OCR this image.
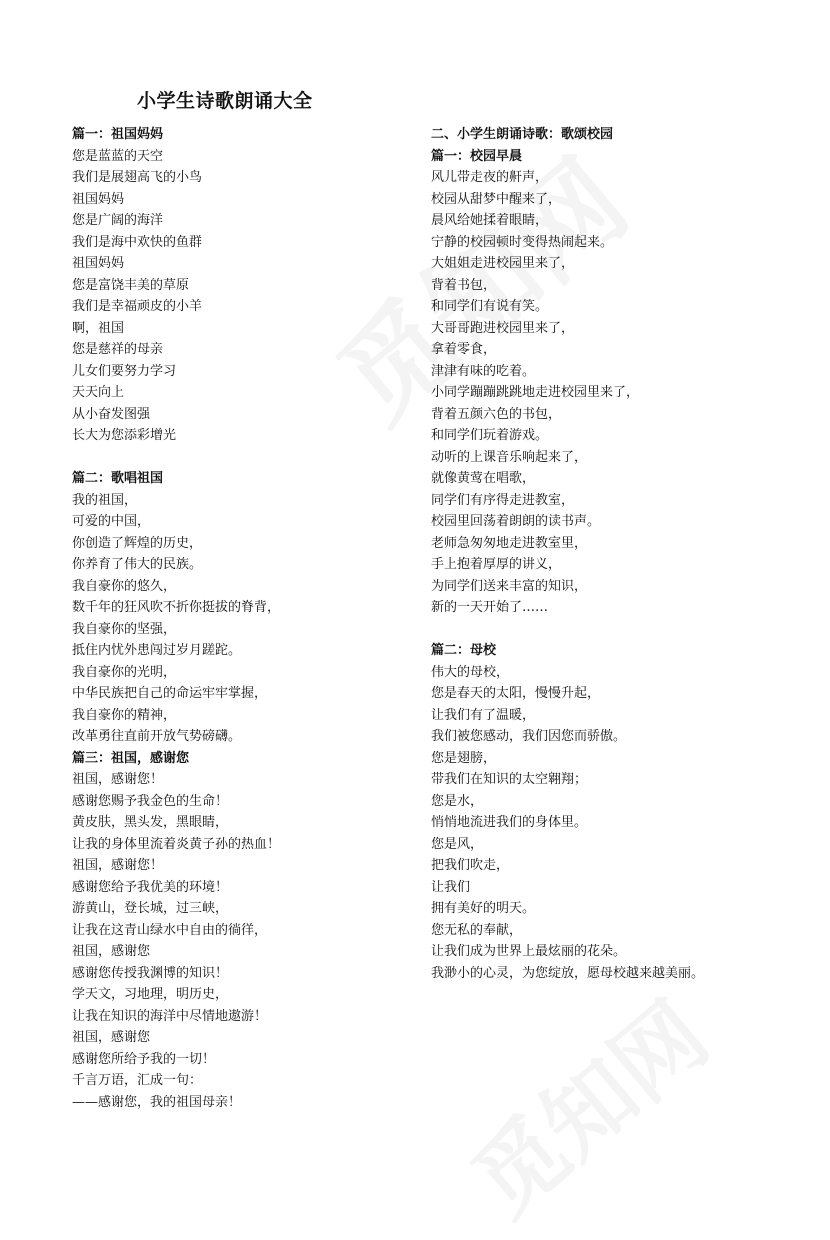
小学生诗歌朗诵大全
篇一：祖国妈妈
您是蓝蓝的天空
我们是展翅高飞的小鸟
祖国妈妈
您是广阔的海洋
我们是海中欢快的鱼群
祖国妈妈
您是富饶丰美的草原
我们是幸福顽皮的小羊
啊，祖国
您是慈祥的母亲
儿女们要努力学习
天天向上
从小奋发图强
长大为您添彩增光
篇二：歌唱祖国
我的祖国，
可爱的中国，
你创造了辉煌的历史，
你养育了伟大的民族。
我自豪你的悠久，
数千年的狂风吹不折你挺拔的脊背，
我自豪你的坚强，
抵住内忧外患闯过岁月蹉跎。
我自豪你的光明，
中华民族把自己的命运牢牢掌握，
我自豪你的精神，
改革勇往直前开放气势磅礴。
篇三：祖国，感谢您
祖国，感谢您！
感谢您赐予我金色的生命！
黄皮肤，黑头发，黑眼睛，
让我的身体里流着炎黄子孙的热血！
祖国，感谢您！
感谢您给予我优美的环境！
游黄山，登长城，过三峡，
让我在这青山绿水中自由的徜徉，
祖国，感谢您
感谢您传授我渊博的知识！
学天文，习地理，明历史，
让我在知识的海洋中尽情地遨游！
祖国，感谢您
感谢您所给予我的一切！
千言万语，汇成一句：
——感谢您，我的祖国母亲！
二、小学生朗诵诗歌：歌颂校园
篇一：校园早晨
风儿带走夜的鼾声，
校园从甜梦中醒来了，
晨风给她揉着眼睛，
宁静的校园顿时变得热闹起来。
大姐姐走进校园里来了，
背着书包，
和同学们有说有笑。
大哥哥跑进校园里来了，
拿着零食，
津津有味的吃着。
小同学蹦蹦跳跳地走进校园里来了，
背着五颜六色的书包，
和同学们玩着游戏。
动听的上课音乐响起来了，
就像黄莺在唱歌，
同学们有序得走进教室，
校园里回荡着朗朗的读书声。
老师急匆匆地走进教室里，
手上抱着厚厚的讲义，
为同学们送来丰富的知识，
新的一天开始了……
篇二：母校
伟大的母校，
您是春天的太阳，慢慢升起，
让我们有了温暖，
我们被您感动，我们因您而骄傲。
您是翅膀，
带我们在知识的太空翱翔；
您是水，
悄悄地流进我们的身体里。
您是风，
把我们吹走，
让我们
拥有美好的明天。
您无私的奉献，
让我们成为世界上最炫丽的花朵。
我渺小的心灵，为您绽放，愿母校越来越美丽。
